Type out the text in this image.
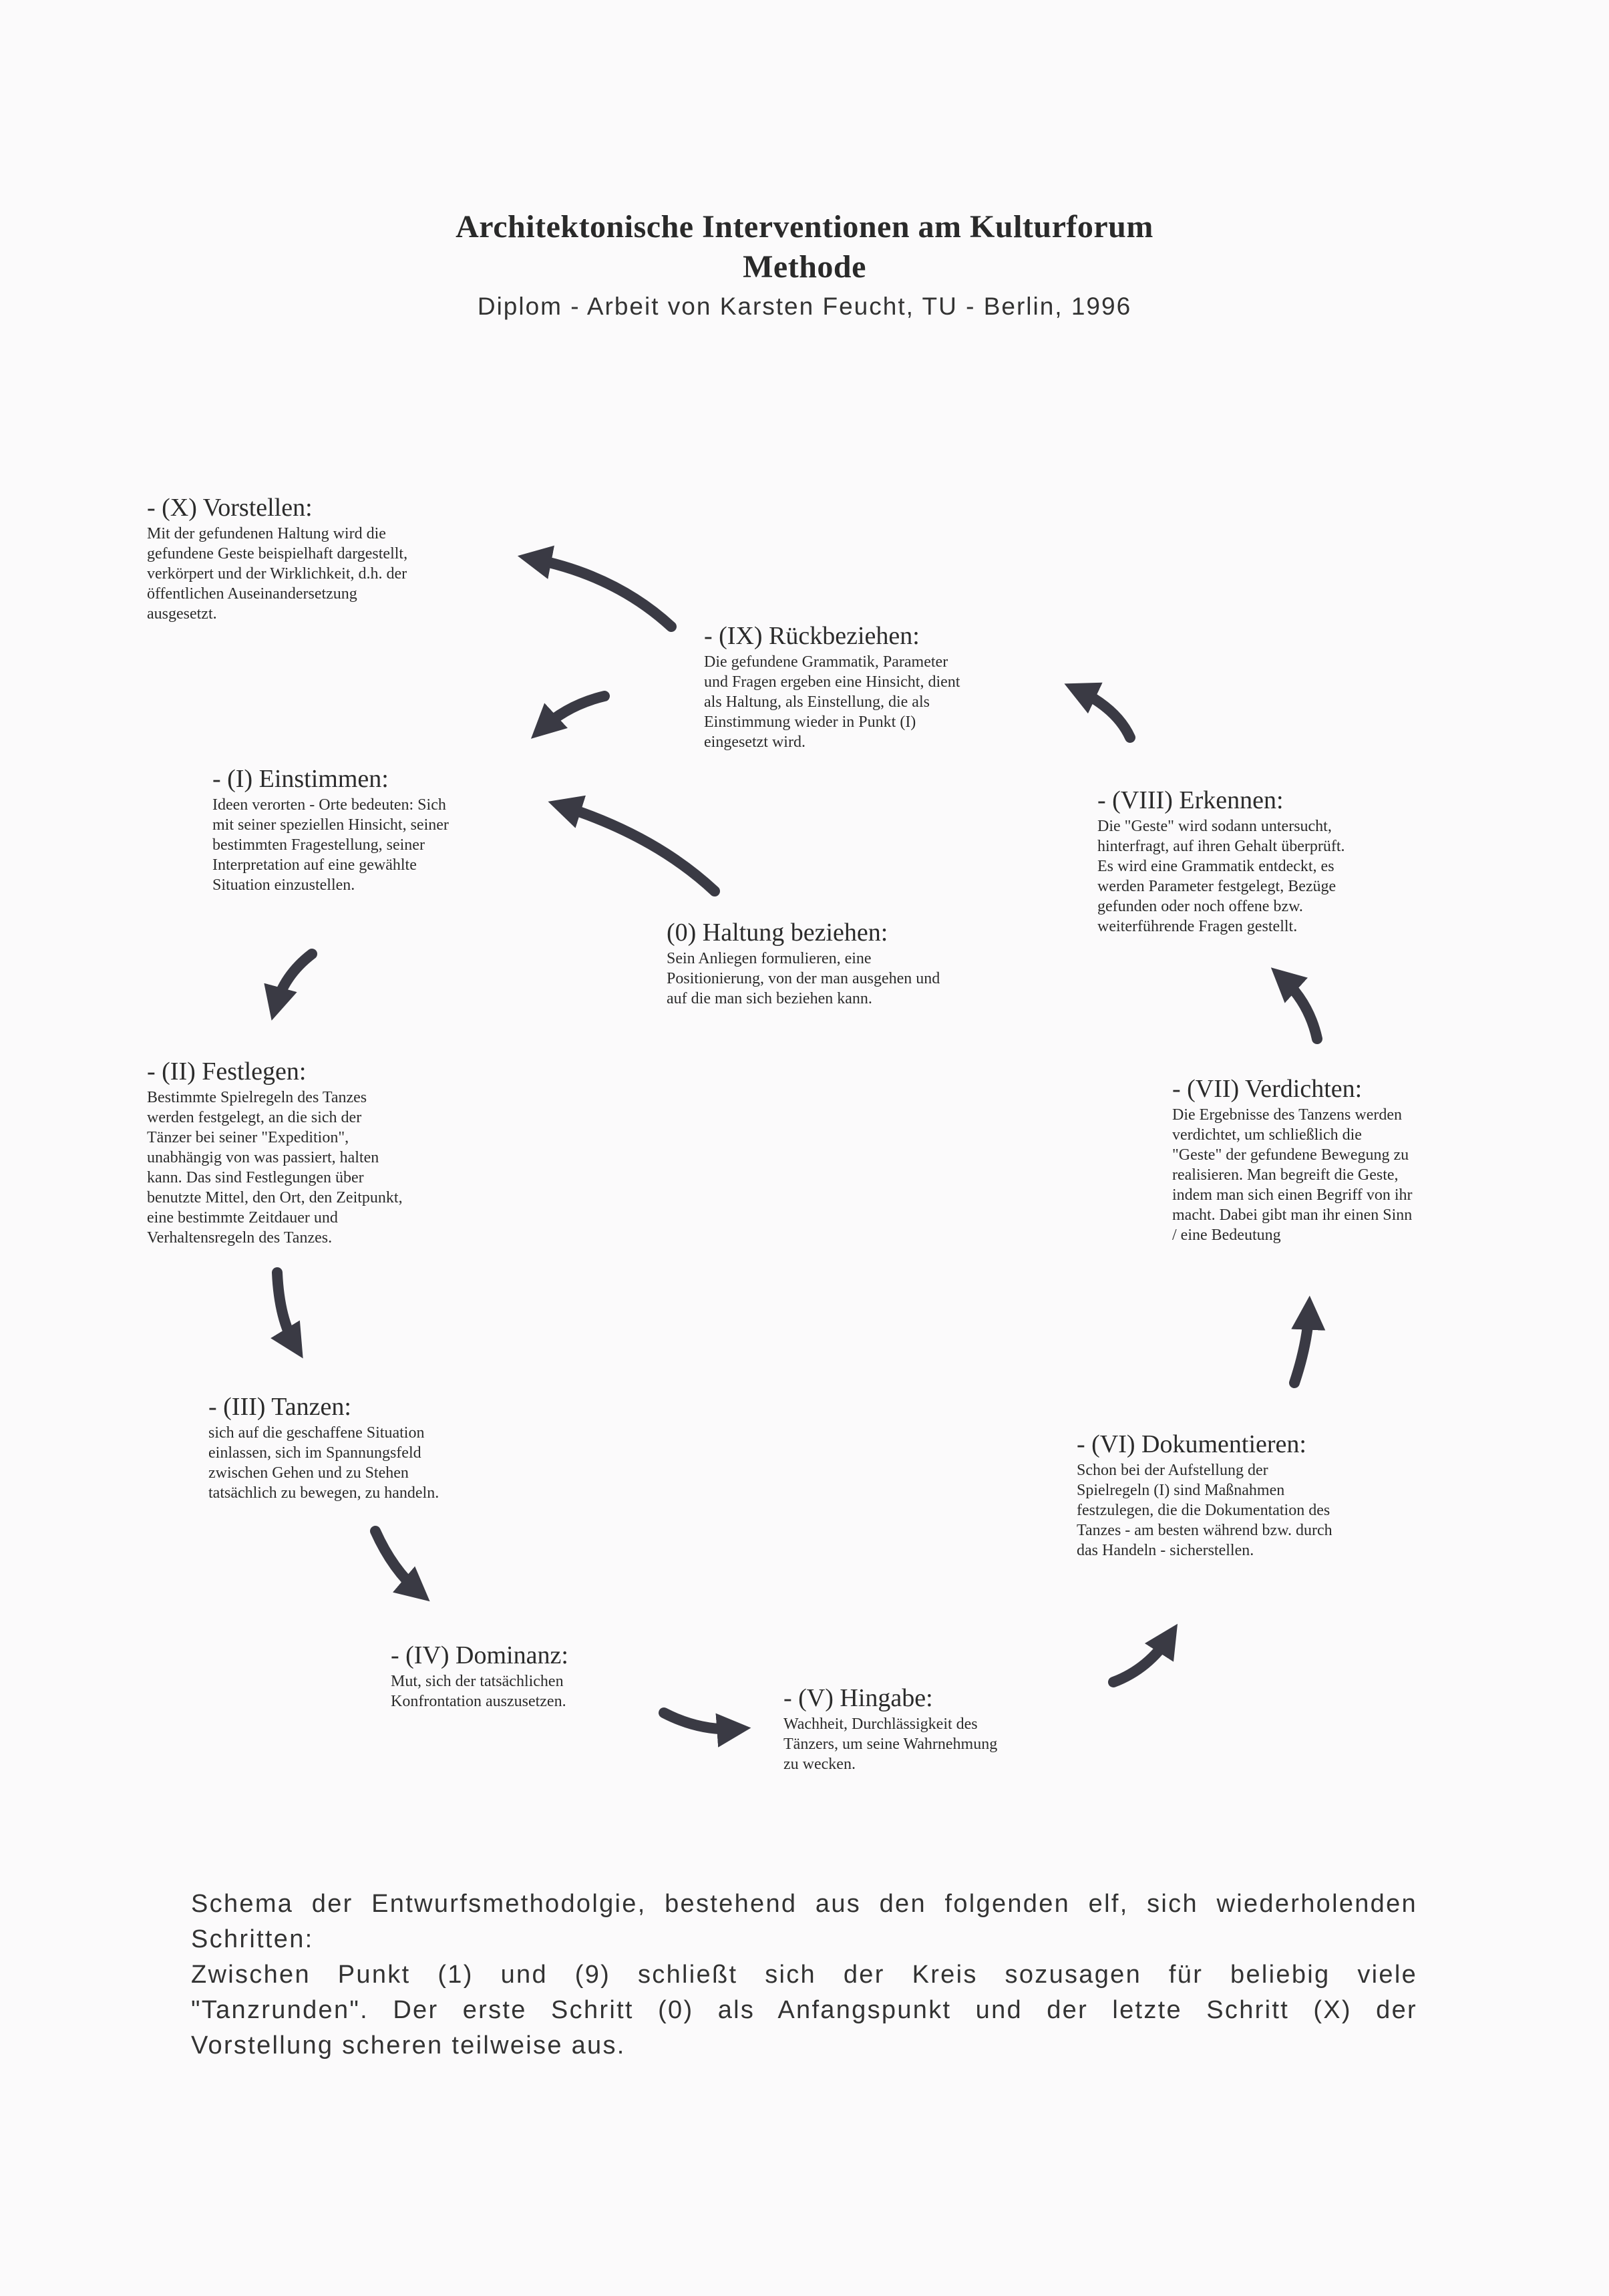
Architektonische Interventionen am Kulturforum
Methode
Diplom - Arbeit von Karsten Feucht, TU - Berlin, 1996
- (X) Vorstellen:
Mit der gefundenen Haltung wird die
gefundene Geste beispielhaft dargestellt,
verkörpert und der Wirklichkeit, d.h. der
öffentlichen Auseinandersetzung
ausgesetzt.
- (IX) Rückbeziehen:
Die gefundene Grammatik, Parameter
und Fragen ergeben eine Hinsicht, dient
als Haltung, als Einstellung, die als
Einstimmung wieder in Punkt (I)
eingesetzt wird.
- (I) Einstimmen:
Ideen verorten - Orte bedeuten: Sich
mit seiner speziellen Hinsicht, seiner
bestimmten Fragestellung, seiner
Interpretation auf eine gewählte
Situation einzustellen.
- (VIII) Erkennen:
Die "Geste" wird sodann untersucht,
hinterfragt, auf ihren Gehalt überprüft.
Es wird eine Grammatik entdeckt, es
werden Parameter festgelegt, Bezüge
gefunden oder noch offene bzw.
weiterführende Fragen gestellt.
(0) Haltung beziehen:
Sein Anliegen formulieren, eine
Positionierung, von der man ausgehen und
auf die man sich beziehen kann.
- (II) Festlegen:
Bestimmte Spielregeln des Tanzes
werden festgelegt, an die sich der
Tänzer bei seiner "Expedition",
unabhängig von was passiert, halten
kann. Das sind Festlegungen über
benutzte Mittel, den Ort, den Zeitpunkt,
eine bestimmte Zeitdauer und
Verhaltensregeln des Tanzes.
- (VII) Verdichten:
Die Ergebnisse des Tanzens werden
verdichtet, um schließlich die
"Geste" der gefundene Bewegung zu
realisieren. Man begreift die Geste,
indem man sich einen Begriff von ihr
macht. Dabei gibt man ihr einen Sinn
/ eine Bedeutung
- (III) Tanzen:
sich auf die geschaffene Situation
einlassen, sich im Spannungsfeld
zwischen Gehen und zu Stehen
tatsächlich zu bewegen, zu handeln.
- (VI) Dokumentieren:
Schon bei der Aufstellung der
Spielregeln (I) sind Maßnahmen
festzulegen, die die Dokumentation des
Tanzes - am besten während bzw. durch
das Handeln - sicherstellen.
- (IV) Dominanz:
Mut, sich der tatsächlichen
Konfrontation auszusetzen.	- (V) Hingabe:
Wachheit, Durchlässigkeit des
Tänzers, um seine Wahrnehmung
zu wecken.

Schema der Entwurfsmethodolgie, bestehend aus den folgenden elf, sich wiederholenden

Schritten:

Zwischen Punkt (1) und (9) schließt sich der Kreis sozusagen für beliebig viele

"Tanzrunden". Der erste Schritt (0) als Anfangspunkt und der letzte Schritt (X) der

Vorstellung scheren teilweise aus.
